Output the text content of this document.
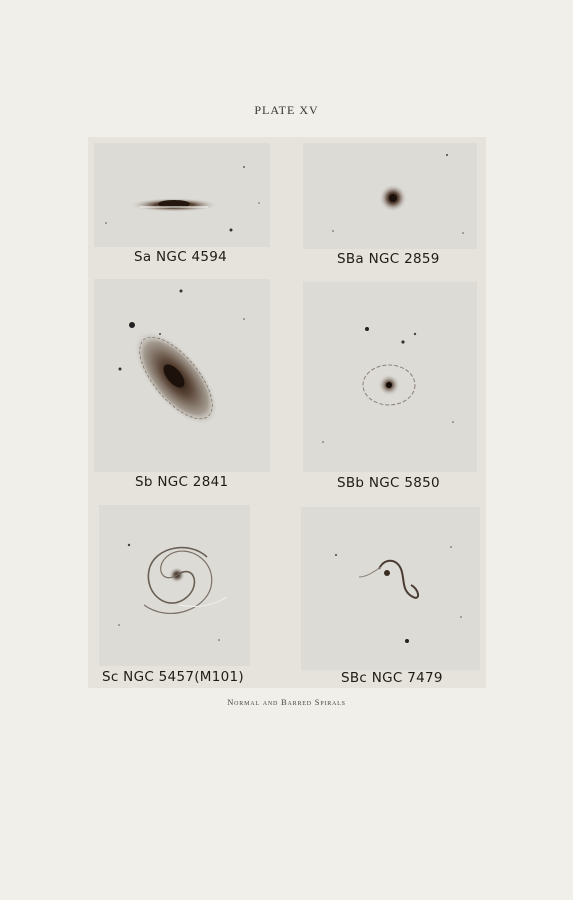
PLATE XV
Sa NGC 4594	SBa NGC 2859
Sb NGC 2841	SBb NGC 5850
Sc NGC 5457(M101)	SBc NGC 7479
Normal and Barred Spirals
